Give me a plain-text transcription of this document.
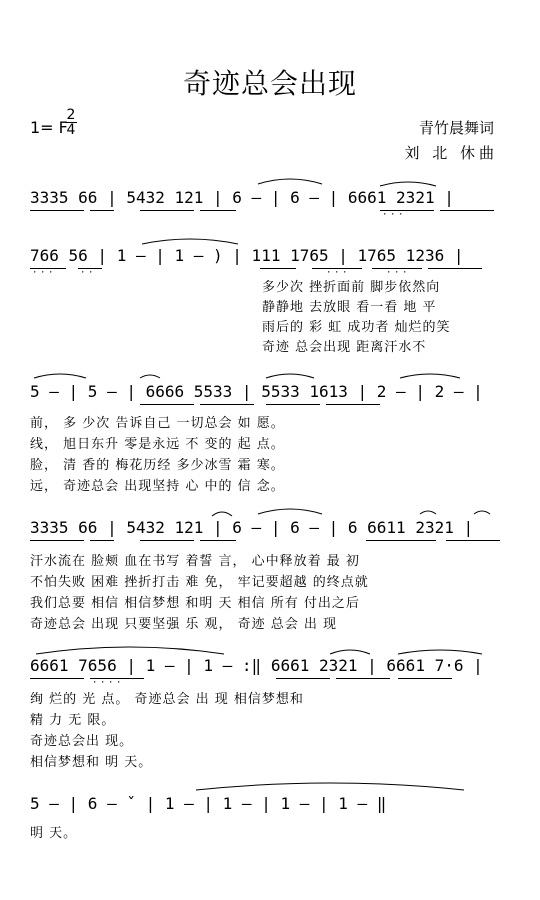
奇迹总会出现
1= F
2
4	青竹晨舞词
刘 北 休曲
3335 66 | 5432 121 | 6 – | 6 – | 6661 2321 |
···
766 56 | 1 – | 1 – ) | 111 1765 | 1765 1236 |
···	··	···	···
多少次 挫折面前 脚步依然向
静静地 去放眼 看一看 地 平
雨后的 彩 虹 成功者 灿烂的笑
奇迹 总会出现 距离汗水不
5 – | 5 – | 6666 5533 | 5533 1613 | 2 – | 2 – |
前， 多 少次 告诉自己 一切总会 如 愿。
线， 旭日东升 零是永远 不 变的 起 点。
脸， 清 香的 梅花历经 多少冰雪 霜 寒。
远， 奇迹总会 出现坚持 心 中的 信 念。
3335 66 | 5432 121 | 6 – | 6 – | 6 6611 2321 |
汗水流在 脸颊 血在书写 着誓 言， 心中释放着 最 初
不怕失败 困难 挫折打击 难 免， 牢记要超越 的终点就
我们总要 相信 相信梦想 和明 天 相信 所有 付出之后
奇迹总会 出现 只要坚强 乐 观， 奇迹 总会 出 现
6661 7656 | 1 – | 1 – :‖ 6661 2321 | 6661 7·6 |
····
绚 烂的 光 点。 奇迹总会 出 现 相信梦想和
精 力 无 限。
奇迹总会出 现。
相信梦想和 明 天。
5 – | 6 – ˇ | 1 – | 1 – | 1 – | 1 – ‖
明 天。
